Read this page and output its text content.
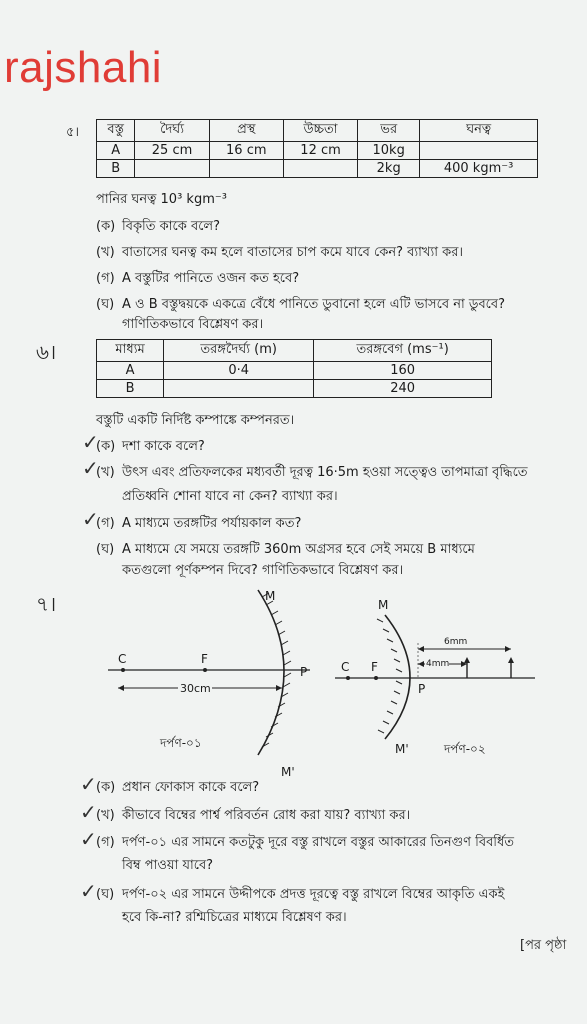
rajshahi
৫। বস্তু	দৈর্ঘ্য	প্রস্থ	উচ্চতা	ভর	ঘনত্ব
A	25 cm	16 cm	12 cm	10kg	
B				2kg	400 kgm⁻³
পানির ঘনত্ব 10³ kgm⁻³
(ক) বিকৃতি কাকে বলে?
(খ) বাতাসের ঘনত্ব কম হলে বাতাসের চাপ কমে যাবে কেন? ব্যাখ্যা কর।
(গ) A বস্তুটির পানিতে ওজন কত হবে?
(ঘ) A ও B বস্তুদ্বয়কে একত্রে বেঁধে পানিতে ডুবানো হলে এটি ভাসবে না ডুববে?
গাণিতিকভাবে বিশ্লেষণ কর।
৬।	মাধ্যম	তরঙ্গদৈর্ঘ্য (m)	তরঙ্গবেগ (ms⁻¹)
A	0·4	160
B		240
বস্তুটি একটি নির্দিষ্ট কম্পাঙ্কে কম্পনরত।
(ক) দশা কাকে বলে?
(খ) উৎস এবং প্রতিফলকের মধ্যবর্তী দূরত্ব 16·5m হওয়া সত্ত্বেও তাপমাত্রা বৃদ্ধিতে
প্রতিধ্বনি শোনা যাবে না কেন? ব্যাখ্যা কর।
(গ) A মাধ্যমে তরঙ্গটির পর্যায়কাল কত?
(ঘ) A মাধ্যমে যে সময়ে তরঙ্গটি 360m অগ্রসর হবে সেই সময়ে B মাধ্যমে
কতগুলো পূর্ণকম্পন দিবে? গাণিতিকভাবে বিশ্লেষণ কর।
৭।
C	F
P
M
M'
30cm
দর্পণ-০১
6mm
4mm
C F
P
M
M'	দর্পণ-০২
(ক) প্রধান ফোকাস কাকে বলে?
(খ) কীভাবে বিম্বের পার্শ্ব পরিবর্তন রোধ করা যায়? ব্যাখ্যা কর।
(গ) দর্পণ-০১ এর সামনে কতটুকু দূরে বস্তু রাখলে বস্তুর আকারের তিনগুণ বিবর্ধিত
বিম্ব পাওয়া যাবে?
(ঘ) দর্পণ-০২ এর সামনে উদ্দীপকে প্রদত্ত দূরত্বে বস্তু রাখলে বিম্বের আকৃতি একই
হবে কি-না? রশ্মিচিত্রের মাধ্যমে বিশ্লেষণ কর।
✓
✓
✓
✓
✓
✓
✓
[পর পৃষ্ঠা
